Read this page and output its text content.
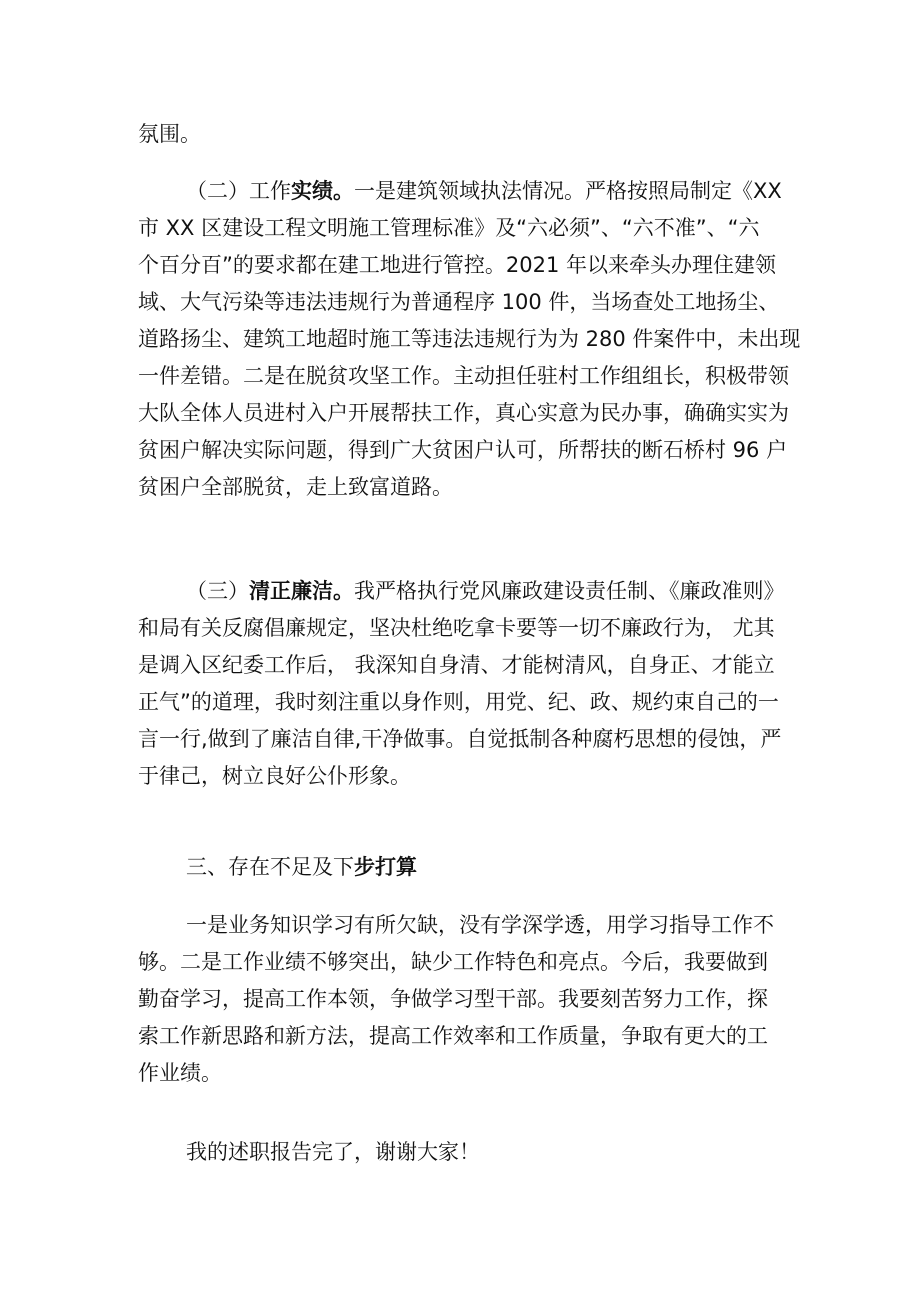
氛围。

（二）工作实绩。一是建筑领域执法情况。严格按照局制定《XX

市 XX 区建设工程文明施工管理标准》及“六必须”、“六不准”、“六

个百分百”的要求都在建工地进行管控。2021 年以来牵头办理住建领

域、大气污染等违法违规行为普通程序 100 件，当场查处工地扬尘、

道路扬尘、建筑工地超时施工等违法违规行为为 280 件案件中，未出现

一件差错。二是在脱贫攻坚工作。主动担任驻村工作组组长，积极带领

大队全体人员进村入户开展帮扶工作，真心实意为民办事，确确实实为

贫困户解决实际问题，得到广大贫困户认可，所帮扶的断石桥村 96 户

贫困户全部脱贫，走上致富道路。

（三）清正廉洁。我严格执行党风廉政建设责任制、《廉政准则》

和局有关反腐倡廉规定，坚决杜绝吃拿卡要等一切不廉政行为， 尤其

是调入区纪委工作后， 我深知自身清、才能树清风，自身正、才能立

正气”的道理，我时刻注重以身作则，用党、纪、政、规约束自己的一

言一行,做到了廉洁自律,干净做事。自觉抵制各种腐朽思想的侵蚀，严

于律己，树立良好公仆形象。

三、存在不足及下步打算

一是业务知识学习有所欠缺，没有学深学透，用学习指导工作不

够。二是工作业绩不够突出，缺少工作特色和亮点。今后，我要做到

勤奋学习，提高工作本领，争做学习型干部。我要刻苦努力工作，探

索工作新思路和新方法，提高工作效率和工作质量，争取有更大的工

作业绩。

我的述职报告完了，谢谢大家！
